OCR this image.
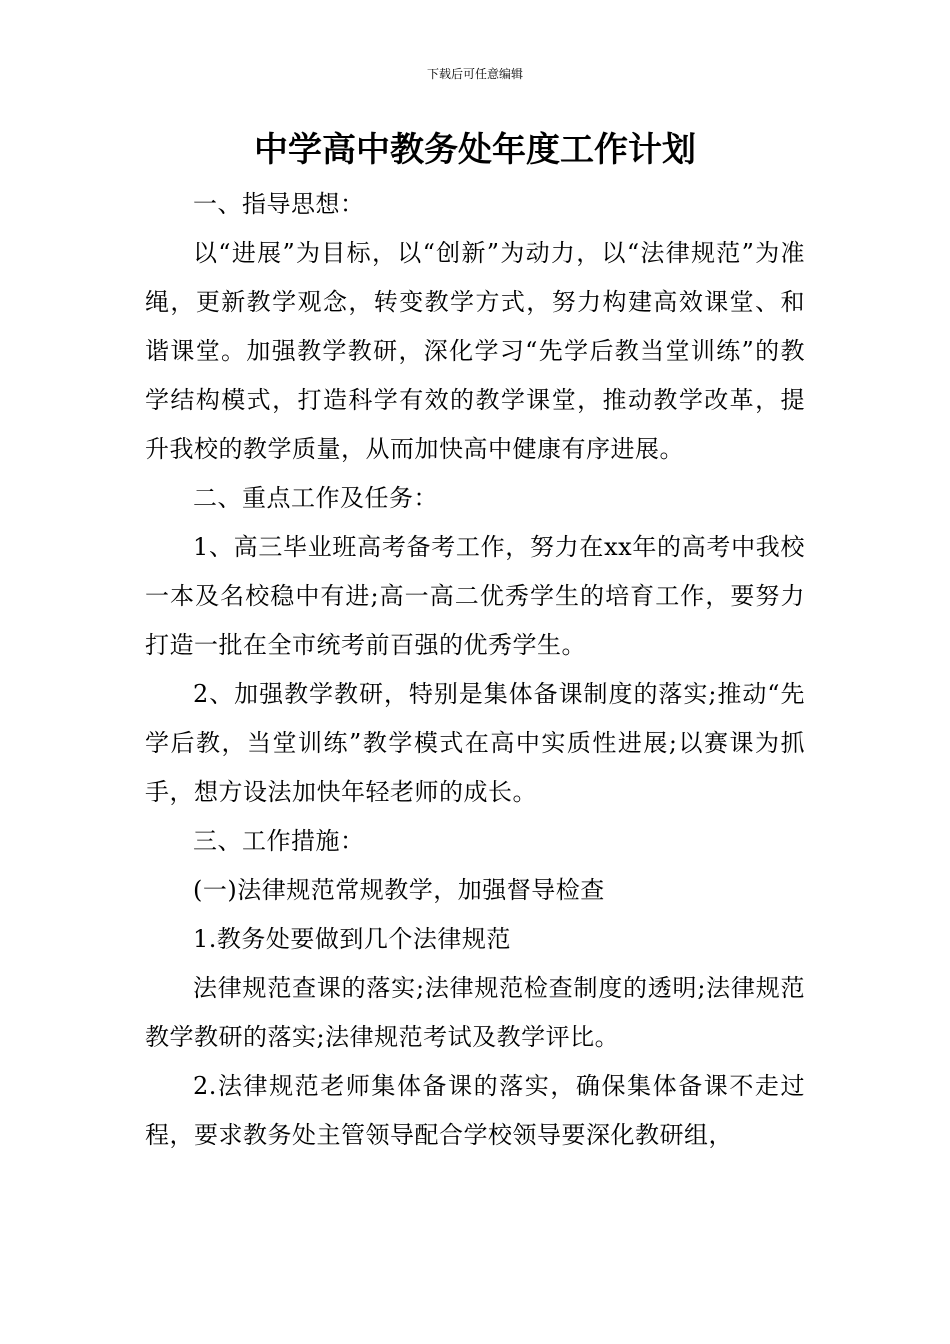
下载后可任意编辑
中学高中教务处年度工作计划

一、指导思想：

以“进展”为目标，以“创新”为动力，以“法律规范”为准绳，更新教学观念，转变教学方式，努力构建高效课堂、和谐课堂。加强教学教研，深化学习“先学后教当堂训练”的教学结构模式，打造科学有效的教学课堂，推动教学改革，提升我校的教学质量，从而加快高中健康有序进展。

二、重点工作及任务：

1、高三毕业班高考备考工作，努力在xx年的高考中我校一本及名校稳中有进;高一高二优秀学生的培育工作，要努力打造一批在全市统考前百强的优秀学生。

2、加强教学教研，特别是集体备课制度的落实;推动“先学后教，当堂训练”教学模式在高中实质性进展;以赛课为抓手，想方设法加快年轻老师的成长。

三、工作措施：

(一)法律规范常规教学，加强督导检查

1.教务处要做到几个法律规范

法律规范查课的落实;法律规范检查制度的透明;法律规范教学教研的落实;法律规范考试及教学评比。

2.法律规范老师集体备课的落实，确保集体备课不走过程，要求教务处主管领导配合学校领导要深化教研组，
